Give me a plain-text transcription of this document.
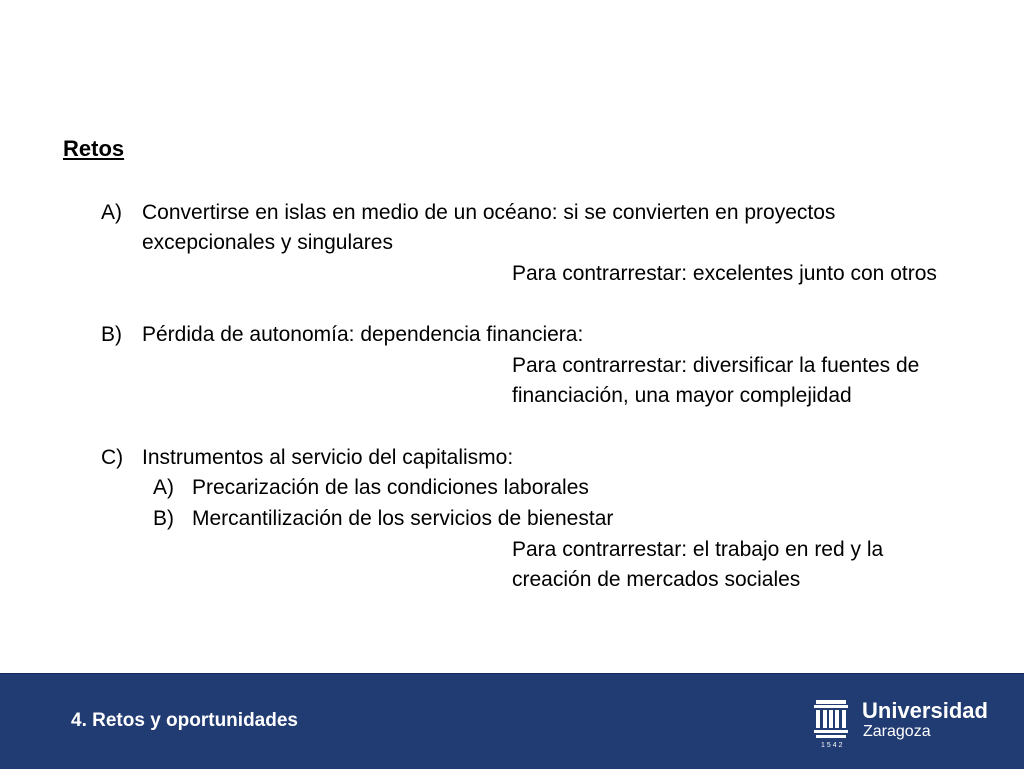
Retos
A) Convertirse en islas en medio de un océano: si se convierten en proyectos
excepcionales y singulares
Para contrarrestar: excelentes junto con otros
B) Pérdida de autonomía: dependencia financiera:
Para contrarrestar: diversificar la fuentes de
financiación, una mayor complejidad
C) Instrumentos al servicio del capitalismo:
A) Precarización de las condiciones laborales
B) Mercantilización de los servicios de bienestar
Para contrarrestar: el trabajo en red y la
creación de mercados sociales
4. Retos y oportunidades	Universidad
Zaragoza
1542
